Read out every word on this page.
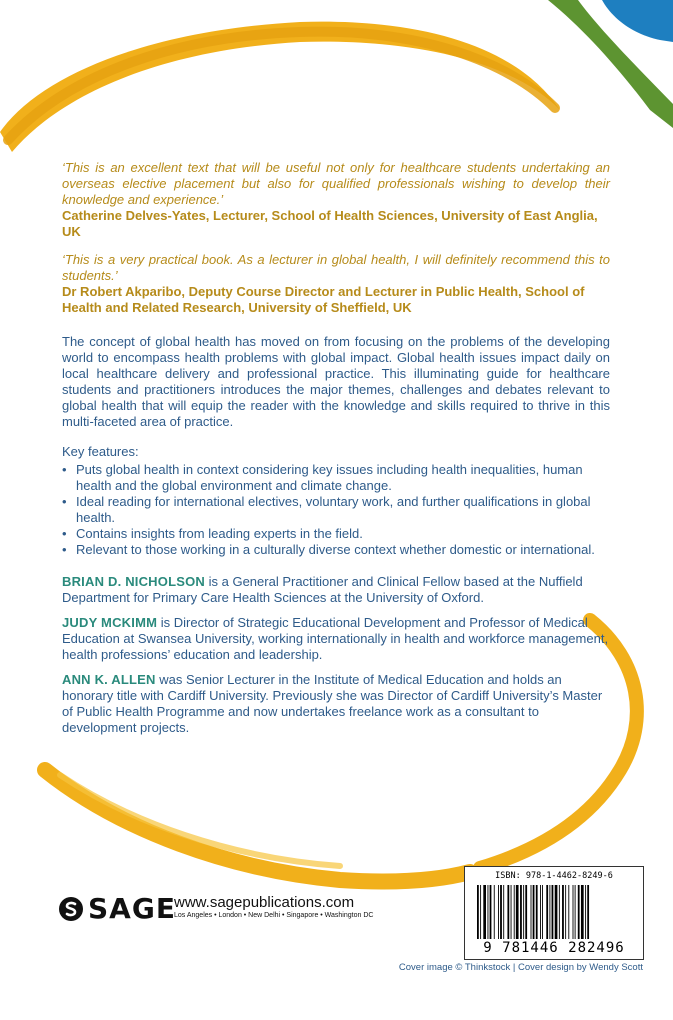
‘This is an excellent text that will be useful not only for healthcare students undertaking an overseas elective placement but also for qualified professionals wishing to develop their knowledge and experience.’
Catherine Delves-Yates, Lecturer, School of Health Sciences, University of East Anglia, UK
‘This is a very practical book. As a lecturer in global health, I will definitely recommend this to students.’
Dr Robert Akparibo, Deputy Course Director and Lecturer in Public Health, School of Health and Related Research, University of Sheffield, UK

The concept of global health has moved on from focusing on the problems of the developing world to encompass health problems with global impact. Global health issues impact daily on local healthcare delivery and professional practice. This illuminating guide for healthcare students and practitioners introduces the major themes, challenges and debates relevant to global health that will equip the reader with the knowledge and skills required to thrive in this multi-faceted area of practice.

Key features:

• Puts global health in context considering key issues including health inequalities, human health and the global environment and climate change.
• Ideal reading for international electives, voluntary work, and further qualifications in global health.
• Contains insights from leading experts in the field.
• Relevant to those working in a culturally diverse context whether domestic or international.

BRIAN D. NICHOLSON is a General Practitioner and Clinical Fellow based at the Nuffield Department for Primary Care Health Sciences at the University of Oxford.

JUDY MCKIMM is Director of Strategic Educational Development and Professor of Medical Education at Swansea University, working internationally in health and workforce management, health professions’ education and leadership.

ANN K. ALLEN was Senior Lecturer in the Institute of Medical Education and holds an honorary title with Cardiff University. Previously she was Director of Cardiff University’s Master of Public Health Programme and now undertakes freelance work as a consultant to development projects.

SAGE
www.sagepublications.com
Los Angeles • London • New Delhi • Singapore • Washington DC
ISBN: 978-1-4462-8249-6
9 781446 282496
Cover image © Thinkstock | Cover design by Wendy Scott
